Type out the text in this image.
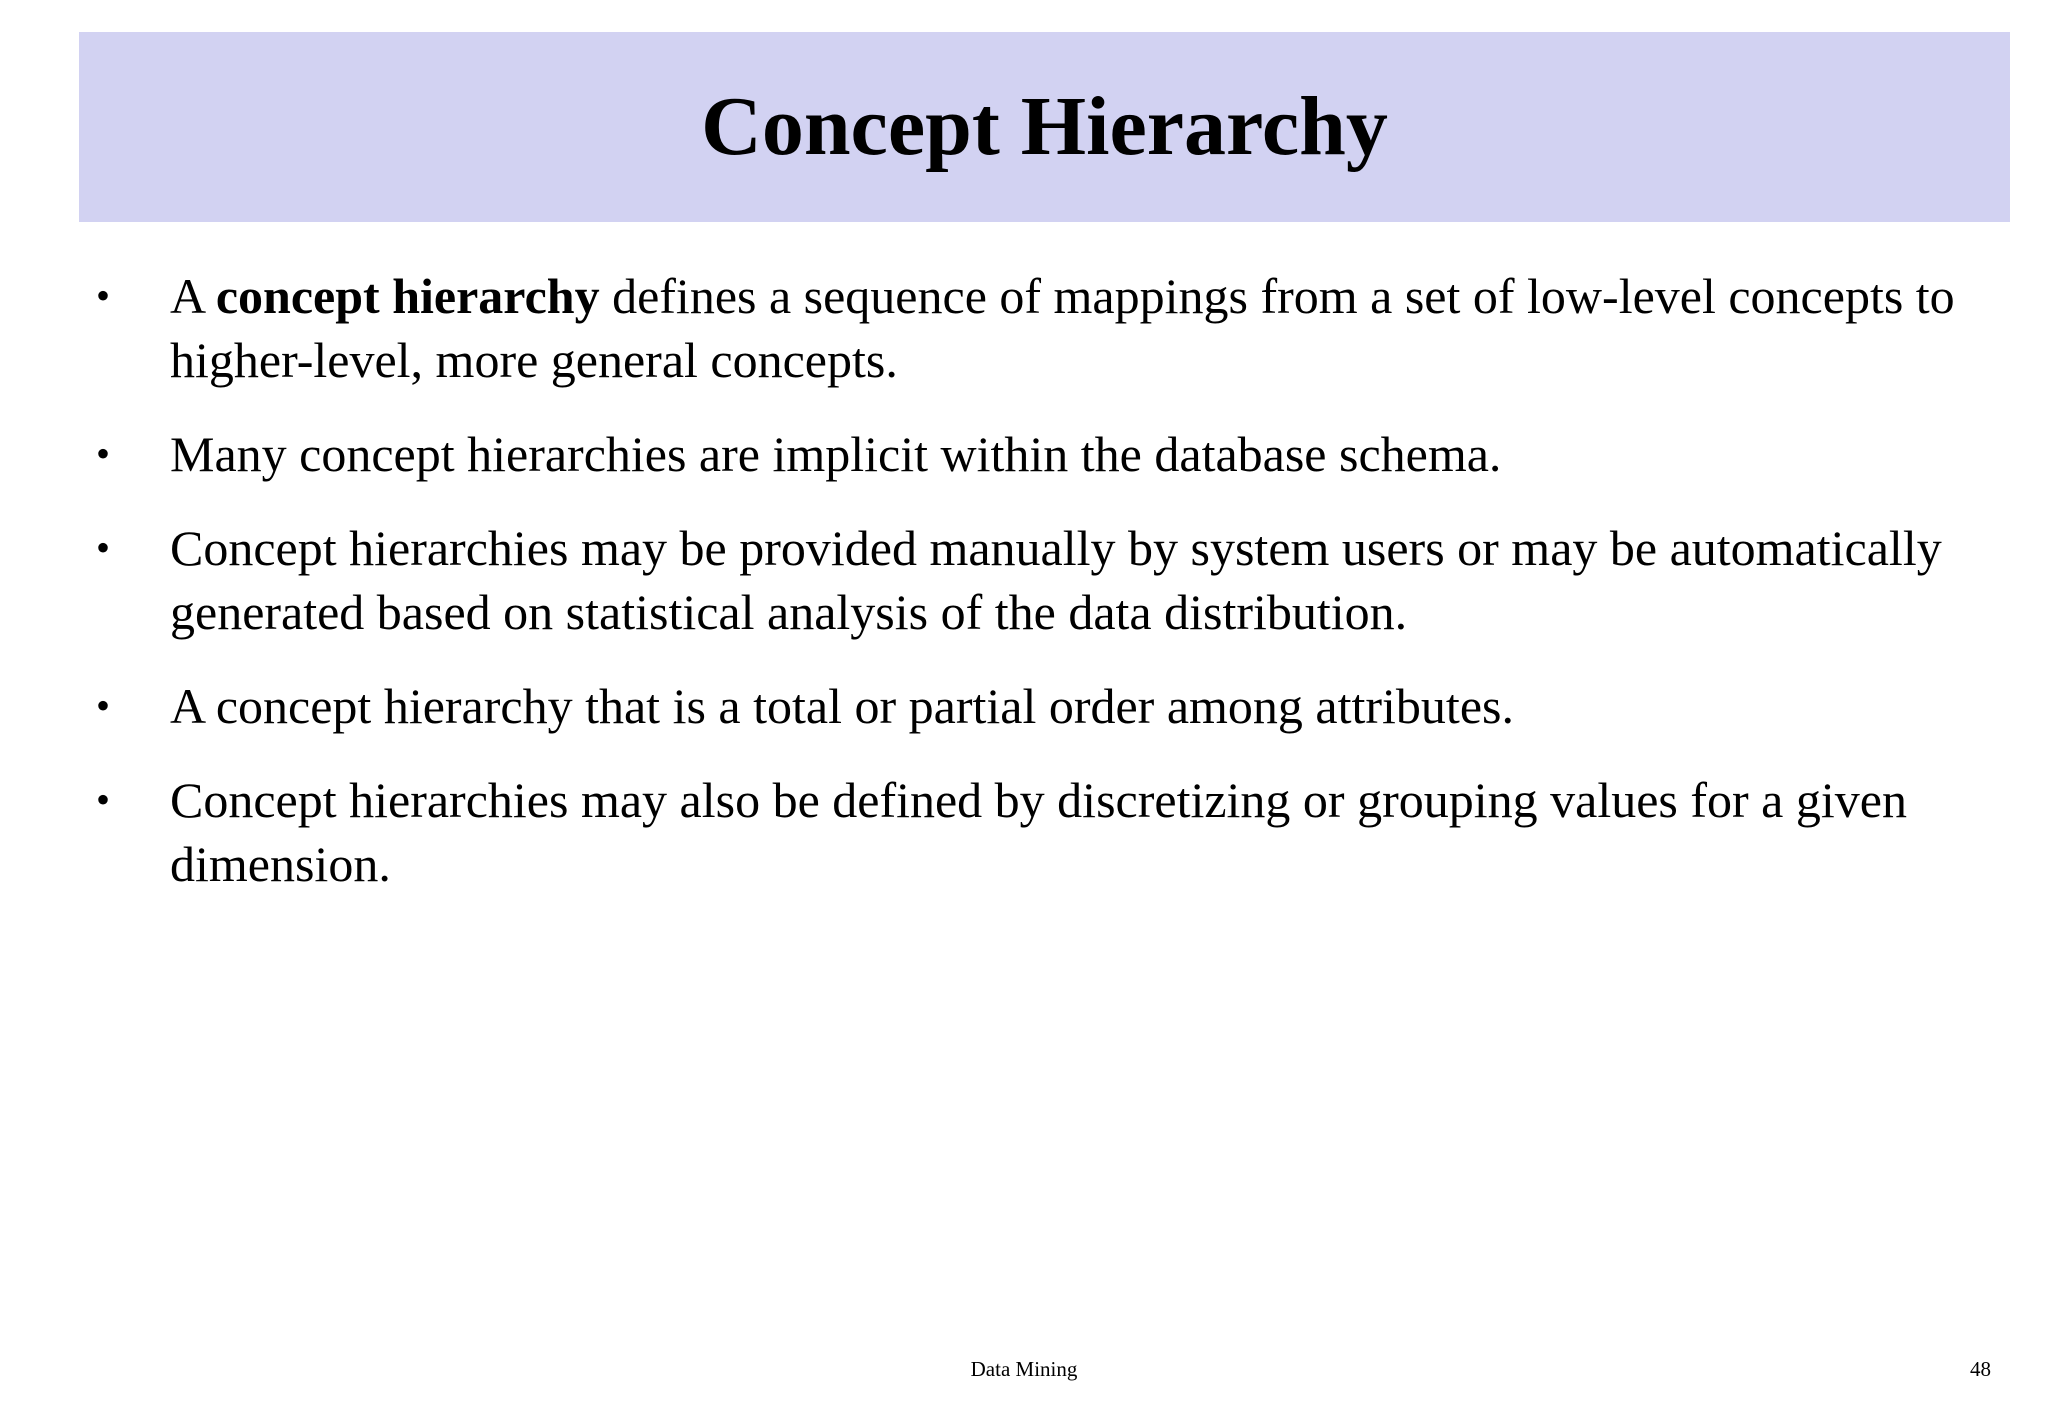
Concept Hierarchy
•	A concept hierarchy defines a sequence of mappings from a set of low-level concepts to higher-level, more general concepts.
•	Many concept hierarchies are implicit within the database schema.
•	Concept hierarchies may be provided manually by system users or may be automatically generated based on statistical analysis of the data distribution.
•	A concept hierarchy that is a total or partial order among attributes.
•	Concept hierarchies may also be defined by discretizing or grouping values for a given dimension.
Data Mining	48
